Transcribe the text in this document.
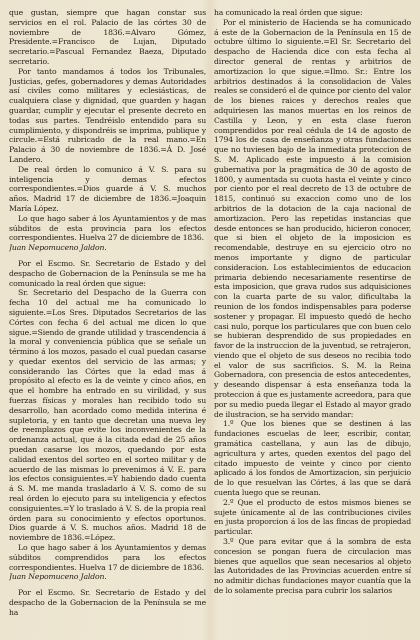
que gustan, siempre que hagan constar sus servicios en el rol. Palacio de las córtes 30 de noviembre de 1836.=Alvaro Gómez, Presidente.=Francisco de Lujan, Diputado secretario.=Pascual Fernandez Baeza, Diputado secretario.

Por tanto mandamos á todos los Tribunales, Justicias, gefes, gobernadores y demas Autoridades así civiles como militares y eclesiásticas, de cualquiera clase y dignidad, que guarden y hagan guardar, cumplir y ejecutar el presente decreto en todas sus partes. Tendréislo entendido para su cumplimiento, y dispondréis se imprima, publique y circule.=Está rubricado de la real mano.=En Palacio á 30 de noviembre de 1836.=Á D. José Landero.

De real órden lo comunico á V. S. para su inteligencia y demas efectos correspondientes.=Dios guarde á V. S. muchos años. Madrid 17 de diciembre de 1836.=Joaquin María López.

Lo que hago saber á los Ayuntamientos y de mas súbditos de esta provincia para los efectos correspondientes. Huelva 27 de diciembre de 1836.

Juan Nepomuceno Jaldon.

Por el Escmo. Sr. Secretario de Estado y del despacho de Gobernacion de la Península se me ha comunicado la real órden que sigue:

Sr. Secretario del Despacho de la Guerra con fecha 10 del actual me ha comunicado lo siguiente.=Los Sres. Diputados Secretarios de las Córtes con fecha 6 del actual me dicen lo que sigue.=Siendo de grande utilidad y trascendencia á la moral y conveniencia pública que se señale un término á los mozos, pasado el cual puedan casarse y quedar exentos del servicio de las armas; y considerando las Córtes que la edad mas á propósito al efecto es la de veinte y cinco años, en que el hombre ha entrado en su virilidad, y sus fuerzas físicas y morales han recibido todo su desarrollo, han acordado como medida interina é supletoria, y en tanto que decretan una nueva ley de reemplazos que evite los inconvenientes de la ordenanza actual, que á la citada edad de 25 años puedan casarse los mozos, quedando por esta calidad exentos del sorteo en el sorteo militar y de acuerdo de las mismas lo prevenimos á V. E. para los efectos consiguientes.=Y habiendo dado cuenta á S. M. me manda trasladarlo á V. S. como de su real órden lo ejecuto para su inteligencia y efectos consiguientes.=Y lo traslado á V. S. de la propia real órden para su conocimiento y efectos oportunos. Dios guarde á V. S. muchos años. Madrid 18 de noviembre de 1836.=López.

Lo que hago saber á los Ayuntamientos y demas súbditos comprendidos para los efectos correspondientes. Huelva 17 de diciembre de 1836.

Juan Nepomuceno Jaldon.

Por el Escmo. Sr. Secretario de Estado y del despacho de la Gobernacion de la Península se me ha

ha comunicado la real órden que sigue:

Por el ministerio de Hacienda se ha comunicado á este de la Gobernacion de la Península en 15 de octubre último lo siguiente.=El Sr. Secretario del despacho de Hacienda dice con esta fecha al director general de rentas y arbitrios de amortizacion lo que sigue.=Ilmo. Sr.: Entre los arbitrios destinados á la consolidacion de Vales reales se consideró el de quince por ciento del valor de los bienes raices y derechos reales que adquiriesen las manos muertas en los reinos de Castilla y Leon, y en esta clase fueron comprendidos por real cédula de 14 de agosto de 1794 los de casa de enseñanza y otras fundaciones que no tuviesen bajo de la inmediata proteccion de S. M. Aplicado este impuesto á la comision gubernativa por la pragmática de 30 de agosto de 1800, y aumentada su cuota hasta el veinte y cinco por ciento por el real decreto de 13 de octubre de 1815, continuó su exaccion como uno de los arbitrios de la dotacion de la caja nacional de amortizacion. Pero las repetidas instancias que desde entonces se han producido, hicieron conocer, que si bien el objeto de la imposicion es recomendable, destruye en su ejercicio otro no menos importante y digno de particular consideracion. Los establecimientos de educacion primaria debiendo necesariamente resentirse de esta imposicion, que grava rudos sus adquisiciones con la cuarta parte de su valor, dificultaba la reunion de los fondos indispensables para poderse sostener y propagar. El impuesto quedó de hecho casi nulo, porque los particulares que con buen celo se hubieran desprendido de sus propiedades en favor de la instruccion de la juventud, se retrajeron, viendo que el objeto de sus deseos no recibia todo el valor de sus sacrificios. S. M. la Reina Gobernadora, con presencia de estos antecedentes, y deseando dispensar á esta enseñanza toda la proteccion á que es justamente acreedora, para que por su medio pueda llegar el Estado al mayor grado de ilustracion, se ha servido mandar:

1.º Que los bienes que se destinen á las fundaciones escuelas de leer, escribir, contar, gramática castellana, y aun las de dibujo, agricultura y artes, queden exentos del pago del citado impuesto de veinte y cinco por ciento aplicado á los fondos de Amortizacion, sin perjuicio de lo que resuelvan las Córtes, á las que se dará cuenta luego que se reunan.

2.º Que el producto de estos mismos bienes se sujete únicamente al de las contribuciones civiles en justa proporcion á los de las fincas de propiedad particular.

3.º Que para evitar que á la sombra de esta concesion se pongan fuera de circulacion mas bienes que aquellos que sean necesarios al objeto las Autoridades de las Provincias acuerden entre sí no admitir dichas fundaciones mayor cuantía que la de lo solamente precisa para cubrir los salarios
